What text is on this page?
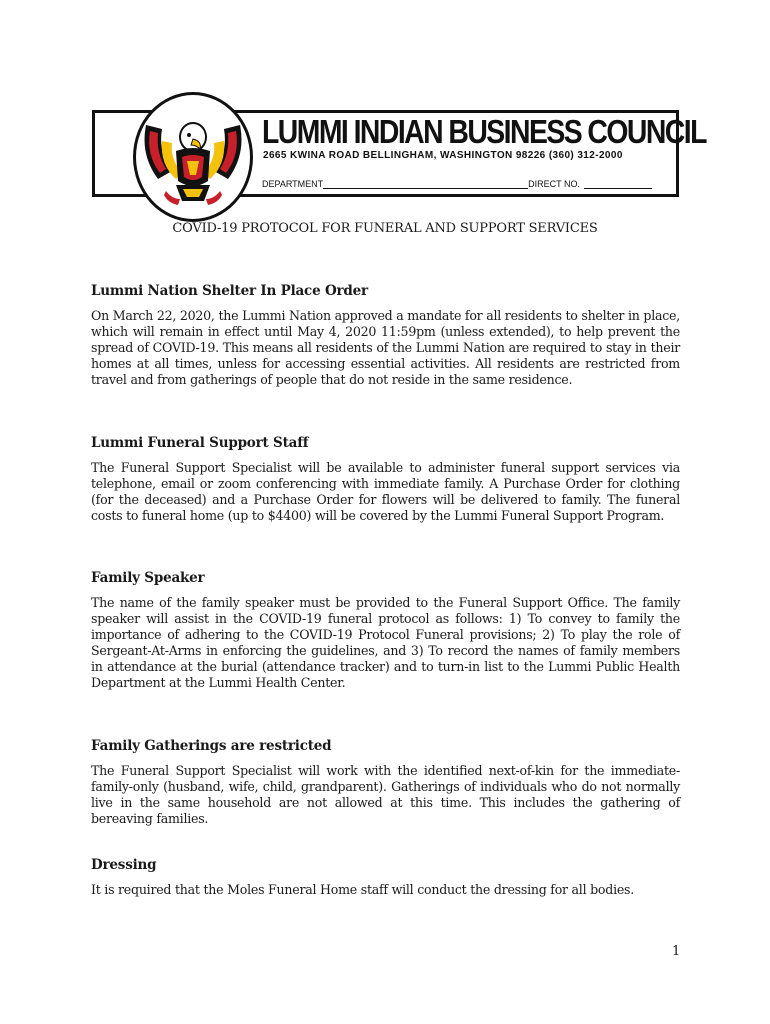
LUMMI INDIAN BUSINESS COUNCIL
2665 KWINA ROAD BELLINGHAM, WASHINGTON 98226 (360) 312-2000
DEPARTMENT	DIRECT NO.
COVID-19 PROTOCOL FOR FUNERAL AND SUPPORT SERVICES
Lummi Nation Shelter In Place Order

On March 22, 2020, the Lummi Nation approved a mandate for all residents to shelter in place, which will remain in effect until May 4, 2020 11:59pm (unless extended), to help prevent the spread of COVID-19. This means all residents of the Lummi Nation are required to stay in their homes at all times, unless for accessing essential activities. All residents are restricted from travel and from gatherings of people that do not reside in the same residence.

Lummi Funeral Support Staff

The Funeral Support Specialist will be available to administer funeral support services via telephone, email or zoom conferencing with immediate family. A Purchase Order for clothing (for the deceased) and a Purchase Order for flowers will be delivered to family. The funeral costs to funeral home (up to $4400) will be covered by the Lummi Funeral Support Program.

Family Speaker

The name of the family speaker must be provided to the Funeral Support Office. The family speaker will assist in the COVID-19 funeral protocol as follows: 1) To convey to family the importance of adhering to the COVID-19 Protocol Funeral provisions; 2) To play the role of Sergeant-At-Arms in enforcing the guidelines, and 3) To record the names of family members in attendance at the burial (attendance tracker) and to turn-in list to the Lummi Public Health Department at the Lummi Health Center.

Family Gatherings are restricted

The Funeral Support Specialist will work with the identified next-of-kin for the immediate-family-only (husband, wife, child, grandparent). Gatherings of individuals who do not normally live in the same household are not allowed at this time. This includes the gathering of bereaving families.

Dressing

It is required that the Moles Funeral Home staff will conduct the dressing for all bodies.

1
